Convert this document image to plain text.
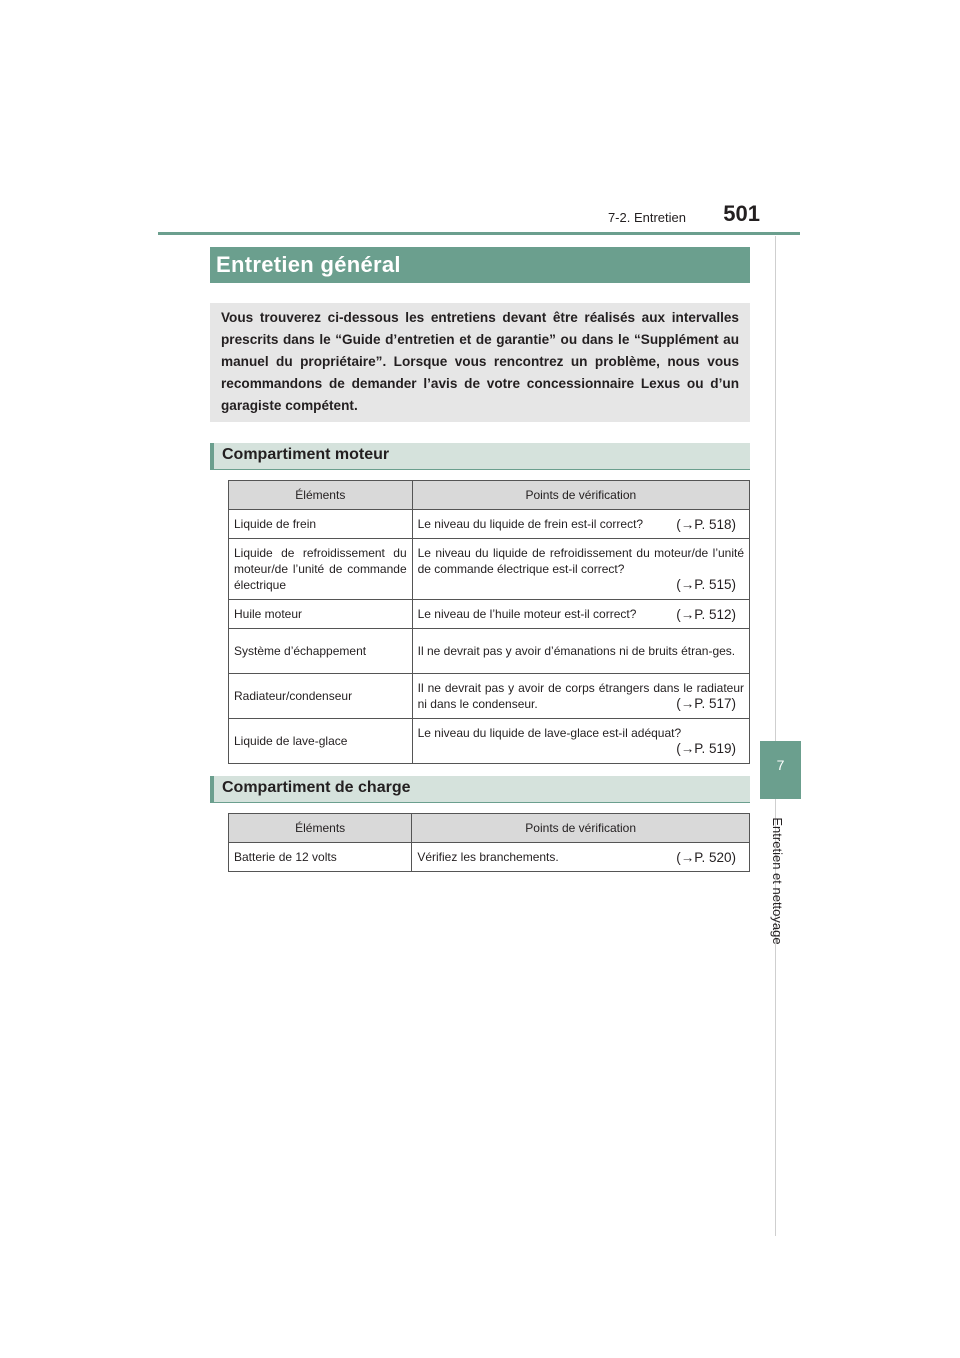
7-2. Entretien	501
7
Entretien et nettoyage
Entretien général
Vous trouverez ci-dessous les entretiens devant être réalisés aux intervalles prescrits dans le “Guide d’entretien et de garantie” ou dans le “Supplément au manuel du propriétaire”. Lorsque vous rencontrez un problème, nous vous recommandons de demander l’avis de votre concessionnaire Lexus ou d’un garagiste compétent.
Compartiment moteur
Éléments	Points de vérification
Liquide de frein	Le niveau du liquide de frein est-il correct? (→P. 518)

Liquide de refroidissement du moteur/de l’unité de commande électrique	Le niveau du liquide de refroidissement du moteur/de l’unité de commande électrique est-il correct?
(→P. 515)

Huile moteur	Le niveau de l’huile moteur est-il correct? (→P. 512)

Système d’échappement	Il ne devrait pas y avoir d’émanations ni de bruits étran-ges.

Radiateur/condenseur	Il ne devrait pas y avoir de corps étrangers dans le radiateur ni dans le condenseur. (→P. 517)

Liquide de lave-glace	Le niveau du liquide de lave-glace est-il adéquat?
(→P. 519)
Compartiment de charge
Éléments	Points de vérification
Batterie de 12 volts	Vérifiez les branchements. (→P. 520)
